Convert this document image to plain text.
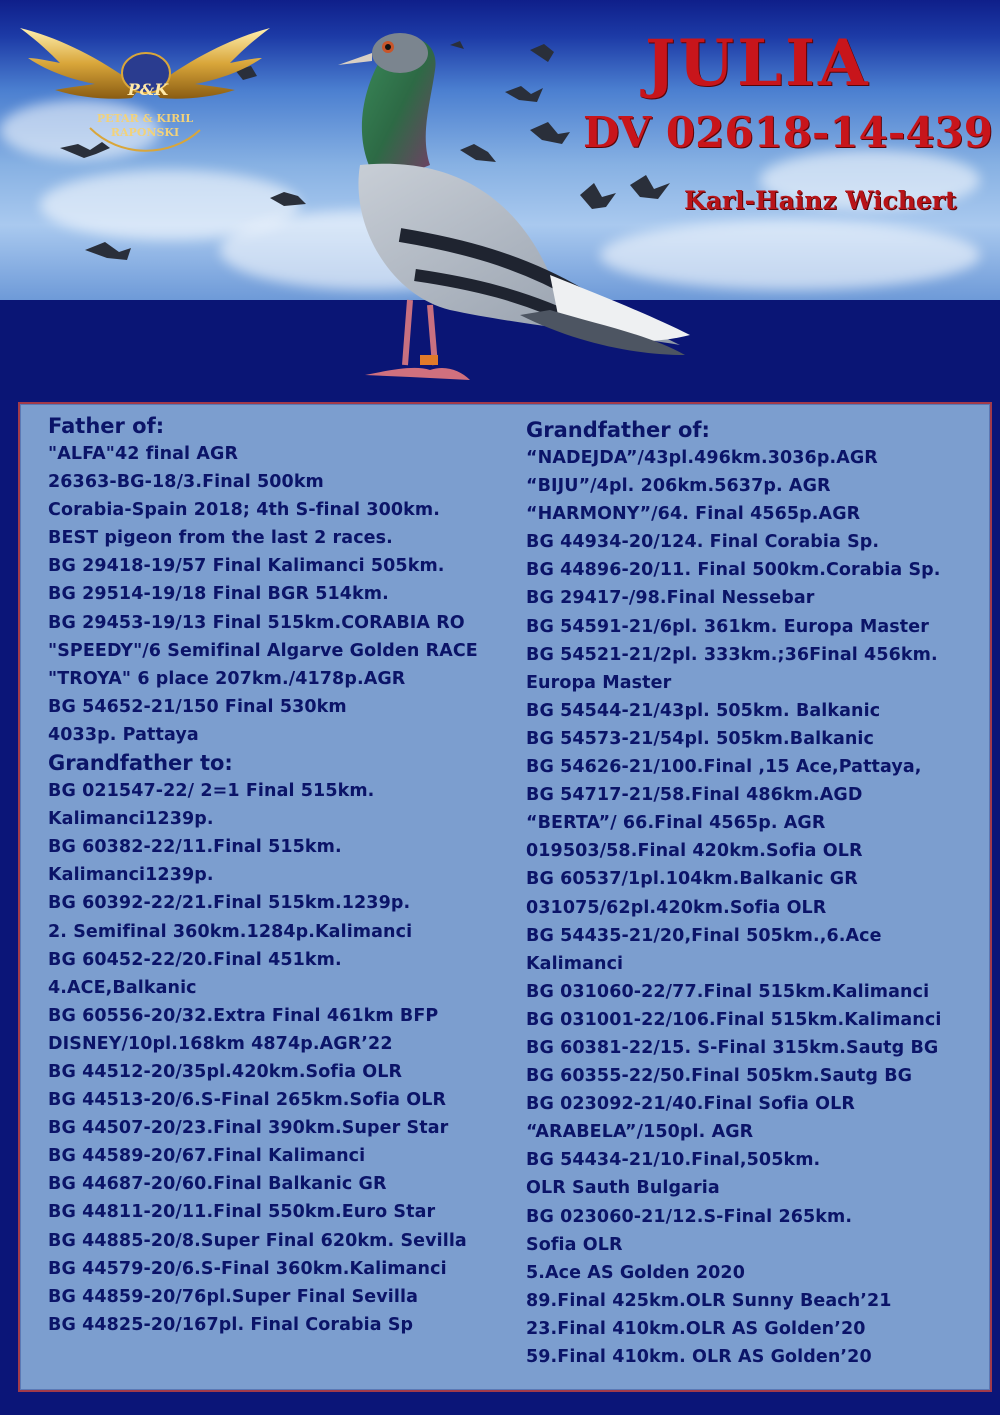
P&K
PETAR & KIRIL
RAPONSKI
JULIA
DV 02618-14-439
Karl-Hainz Wichert
Father of:
"ALFA"42 final AGR
26363-BG-18/3.Final 500km
Corabia-Spain 2018; 4th S-final 300km.
BEST pigeon from the last 2 races.
BG 29418-19/57 Final Kalimanci 505km.
BG 29514-19/18 Final BGR 514km.
BG 29453-19/13 Final 515km.CORABIA RO
"SPEEDY"/6 Semifinal Algarve Golden RACE
"TROYA" 6 place 207km./4178p.AGR
BG 54652-21/150 Final 530km
4033p. Pattaya
Grandfather to:
BG 021547-22/ 2=1 Final 515km.
Kalimanci1239p.
BG 60382-22/11.Final 515km.
Kalimanci1239p.
BG 60392-22/21.Final 515km.1239p.
2. Semifinal 360km.1284p.Kalimanci
BG 60452-22/20.Final 451km.
4.ACE,Balkanic
BG 60556-20/32.Extra Final 461km BFP
DISNEY/10pl.168km 4874p.AGR’22
BG 44512-20/35pl.420km.Sofia OLR
BG 44513-20/6.S-Final 265km.Sofia OLR
BG 44507-20/23.Final 390km.Super Star
BG 44589-20/67.Final Kalimanci
BG 44687-20/60.Final Balkanic GR
BG 44811-20/11.Final 550km.Euro Star
BG 44885-20/8.Super Final 620km. Sevilla
BG 44579-20/6.S-Final 360km.Kalimanci
BG 44859-20/76pl.Super Final Sevilla
BG 44825-20/167pl. Final Corabia Sp
Grandfather of:
“NADEJDA”/43pl.496km.3036p.AGR
“BIJU”/4pl. 206km.5637p. AGR
“HARMONY”/64. Final 4565p.AGR
BG 44934-20/124. Final Corabia Sp.
BG 44896-20/11. Final 500km.Corabia Sp.
BG 29417-/98.Final Nessebar
BG 54591-21/6pl. 361km. Europa Master
BG 54521-21/2pl. 333km.;36Final 456km.
Europa Master
BG 54544-21/43pl. 505km. Balkanic
BG 54573-21/54pl. 505km.Balkanic
BG 54626-21/100.Final ,15 Ace,Pattaya,
BG 54717-21/58.Final 486km.AGD
“BERTA”/ 66.Final 4565p. AGR
019503/58.Final 420km.Sofia OLR
BG 60537/1pl.104km.Balkanic GR
031075/62pl.420km.Sofia OLR
BG 54435-21/20,Final 505km.,6.Ace
Kalimanci
BG 031060-22/77.Final 515km.Kalimanci
BG 031001-22/106.Final 515km.Kalimanci
BG 60381-22/15. S-Final 315km.Sautg BG
BG 60355-22/50.Final 505km.Sautg BG
BG 023092-21/40.Final Sofia OLR
“ARABELA”/150pl. AGR
BG 54434-21/10.Final,505km.
OLR Sauth Bulgaria
BG 023060-21/12.S-Final 265km.
Sofia OLR
5.Ace AS Golden 2020
89.Final 425km.OLR Sunny Beach’21
23.Final 410km.OLR AS Golden’20
59.Final 410km. OLR AS Golden’20
